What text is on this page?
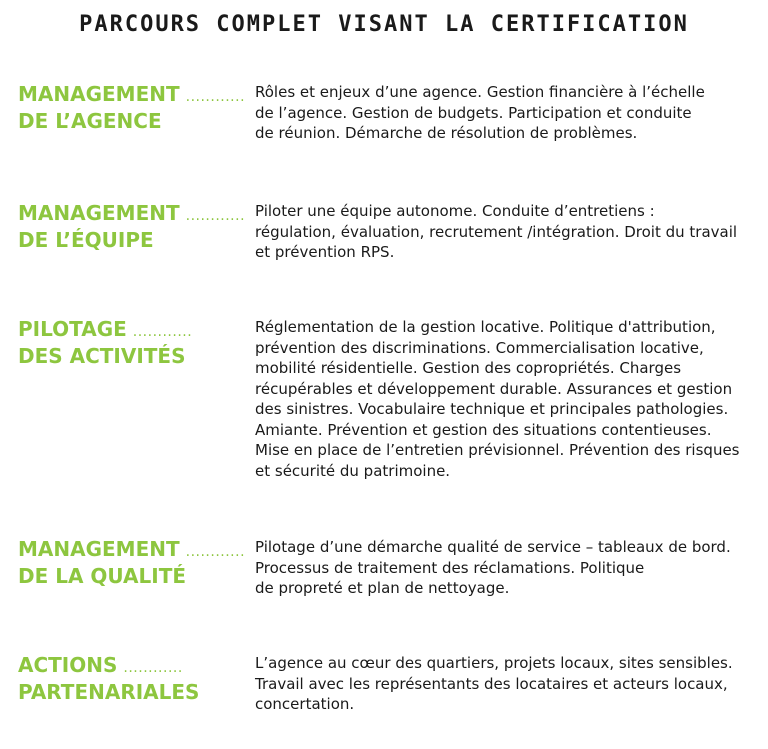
PARCOURS COMPLET VISANT LA CERTIFICATION
MANAGEMENT ............
DE L’AGENCE
Rôles et enjeux d’une agence. Gestion financière à l’échelle
de l’agence. Gestion de budgets. Participation et conduite
de réunion. Démarche de résolution de problèmes.
MANAGEMENT ............
DE L’ÉQUIPE
Piloter une équipe autonome. Conduite d’entretiens :
régulation, évaluation, recrutement /intégration. Droit du travail
et prévention RPS.
PILOTAGE ............
DES ACTIVITÉS
Réglementation de la gestion locative. Politique d'attribution,
prévention des discriminations. Commercialisation locative,
mobilité résidentielle. Gestion des copropriétés. Charges
récupérables et développement durable. Assurances et gestion
des sinistres. Vocabulaire technique et principales pathologies.
Amiante. Prévention et gestion des situations contentieuses.
Mise en place de l’entretien prévisionnel. Prévention des risques
et sécurité du patrimoine.
MANAGEMENT ............
DE LA QUALITÉ
Pilotage d’une démarche qualité de service – tableaux de bord.
Processus de traitement des réclamations. Politique
de propreté et plan de nettoyage.
ACTIONS ............
PARTENARIALES
L’agence au cœur des quartiers, projets locaux, sites sensibles.
Travail avec les représentants des locataires et acteurs locaux,
concertation.
